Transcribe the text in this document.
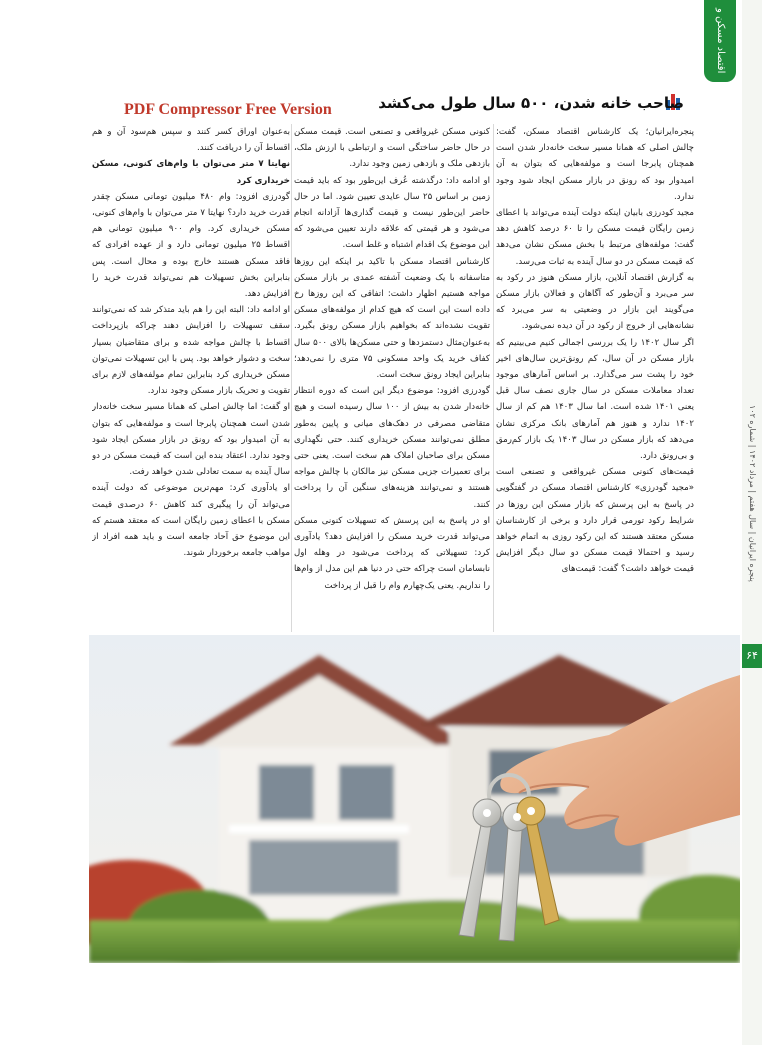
اقتصاد مسکن و ساز
پنجره ایرانیان | سال هفتم | مرداد ۱۴۰۲ | شماره ۱۰۲
۶۴
صاحب خانه شدن، ۵۰۰ سال طول می‌کشد
PDF Compressor Free Version

پنجره‌ایرانیان؛ یک کارشناس اقتصاد مسکن، گفت: چالش اصلی که همانا مسیر سخت خانه‌دار شدن است همچنان پابرجا است و مولفه‌هایی که بتوان به آن امیدوار بود که رونق در بازار مسکن ایجاد شود وجود ندارد.

مجید کودرزی بابیان اینکه دولت آینده می‌تواند با اعطای زمین رایگان قیمت مسکن را تا ۶۰ درصد کاهش دهد گفت: مولفه‌های مرتبط با بخش مسکن نشان می‌دهد که قیمت مسکن در دو سال آینده به ثبات می‌رسد.

به گزارش اقتصاد آنلاین، بازار مسکن هنوز در رکود به سر می‌برد و آن‌طور که آگاهان و فعالان بازار مسکن می‌گویند این بازار در وضعیتی به سر می‌برد که نشانه‌هایی از خروج از رکود در آن دیده نمی‌شود.

اگر سال ۱۴۰۲ را یک بررسی اجمالی کنیم می‌بینیم که بازار مسکن در آن سال، کم رونق‌ترین سال‌های اخیر خود را پشت سر می‌گذارد. بر اساس آمارهای موجود تعداد معاملات مسکن در سال جاری نصف سال قبل یعنی ۱۴۰۱ شده است. اما سال ۱۴۰۳ هم کم از سال ۱۴۰۲ ندارد و هنوز هم آمارهای بانک مرکزی نشان می‌دهد که بازار مسکن در سال ۱۴۰۳ یک بازار کم‌رمق و بی‌رونق دارد.

قیمت‌های کنونی مسکن غیرواقعی و تصنعی است «مجید گودرزی» کارشناس اقتصاد مسکن در گفتگویی در پاسخ به این پرسش که بازار مسکن این روزها در شرایط رکود تورمی قرار دارد و برخی از کارشناسان مسکن معتقد هستند که این رکود روزی به اتمام خواهد رسید و احتمالا قیمت مسکن دو سال دیگر افزایش قیمت خواهد داشت؟ گفت: قیمت‌های

کنونی مسکن غیرواقعی و تصنعی است. قیمت مسکن در حال حاضر ساختگی است و ارتباطی با ارزش ملک، بازدهی ملک و بازدهی زمین وجود ندارد.

او ادامه داد: درگذشته عُرف این‌طور بود که باید قیمت زمین بر اساس ۲۵ سال عایدی تعیین شود. اما در حال حاضر این‌طور نیست و قیمت گذاری‌ها آزادانه انجام می‌شود و هر قیمتی که علاقه دارند تعیین می‌شود که این موضوع یک اقدام اشتباه و غلط است.

کارشناس اقتصاد مسکن با تاکید بر اینکه این روزها متاسفانه با یک وضعیت آشفته عمدی بر بازار مسکن مواجه هستیم اظهار داشت: اتفاقی که این روزها رخ داده است این است که هیچ کدام از مولفه‌های مسکن تقویت نشده‌اند که بخواهیم بازار مسکن رونق بگیرد. به‌عنوان‌مثال دستمزدها و حتی مسکن‌ها بالای ۵۰۰ سال کفاف خرید یک واحد مسکونی ۷۵ متری را نمی‌دهد؛ بنابراین ایجاد رونق سخت است.

گودرزی افزود: موضوع دیگر این است که دوره انتظار خانه‌دار شدن به بیش از ۱۰۰ سال رسیده است و هیچ متقاضی مصرفی در دهک‌های میانی و پایین به‌طور مطلق نمی‌توانند مسکن خریداری کنند. حتی نگهداری مسکن برای صاحبان املاک هم سخت است. یعنی حتی برای تعمیرات جزیی مسکن نیز مالکان با چالش مواجه هستند و نمی‌توانند هزینه‌های سنگین آن را پرداخت کنند.

او در پاسخ به این پرسش که تسهیلات کنونی مسکن می‌تواند قدرت خرید مسکن را افزایش دهد؟ یادآوری کرد: تسهیلاتی که پرداخت می‌شود در وهله اول نابسامان است چراکه حتی در دنیا هم این مدل از وام‌ها را نداریم. یعنی یک‌چهارم وام را قبل از پرداخت

به‌عنوان اوراق کسر کنند و سپس هم‌سود آن و هم اقساط آن را دریافت کنند.

نهایتا ۷ متر می‌توان با وام‌های کنونی، مسکن خریداری کرد

گودرزی افزود: وام ۴۸۰ میلیون تومانی مسکن چقدر قدرت خرید دارد؟ نهایتا ۷ متر می‌توان با وام‌های کنونی، مسکن خریداری کرد. وام ۹۰۰ میلیون تومانی هم اقساط ۲۵ میلیون تومانی دارد و از عهده افرادی که فاقد مسکن هستند خارج بوده و محال است. پس بنابراین بخش تسهیلات هم نمی‌تواند قدرت خرید را افزایش دهد.

او ادامه داد: البته این را هم باید متذکر شد که نمی‌توانند سقف تسهیلات را افزایش دهند چراکه بازپرداخت اقساط با چالش مواجه شده و برای متقاضیان بسیار سخت و دشوار خواهد بود. پس با این تسهیلات نمی‌توان مسکن خریداری کرد بنابراین تمام مولفه‌های لازم برای تقویت و تحریک بازار مسکن وجود ندارد.

او گفت: اما چالش اصلی که همانا مسیر سخت خانه‌دار شدن است همچنان پابرجا است و مولفه‌هایی که بتوان به آن امیدوار بود که رونق در بازار مسکن ایجاد شود وجود ندارد. اعتقاد بنده این است که قیمت مسکن در دو سال آینده به سمت تعادلی شدن خواهد رفت.

او یادآوری کرد: مهم‌ترین موضوعی که دولت آینده می‌تواند آن را پیگیری کند کاهش ۶۰ درصدی قیمت مسکن با اعطای زمین رایگان است که معتقد هستم که این موضوع حق آحاد جامعه است و باید همه افراد از مواهب جامعه برخوردار شوند.
